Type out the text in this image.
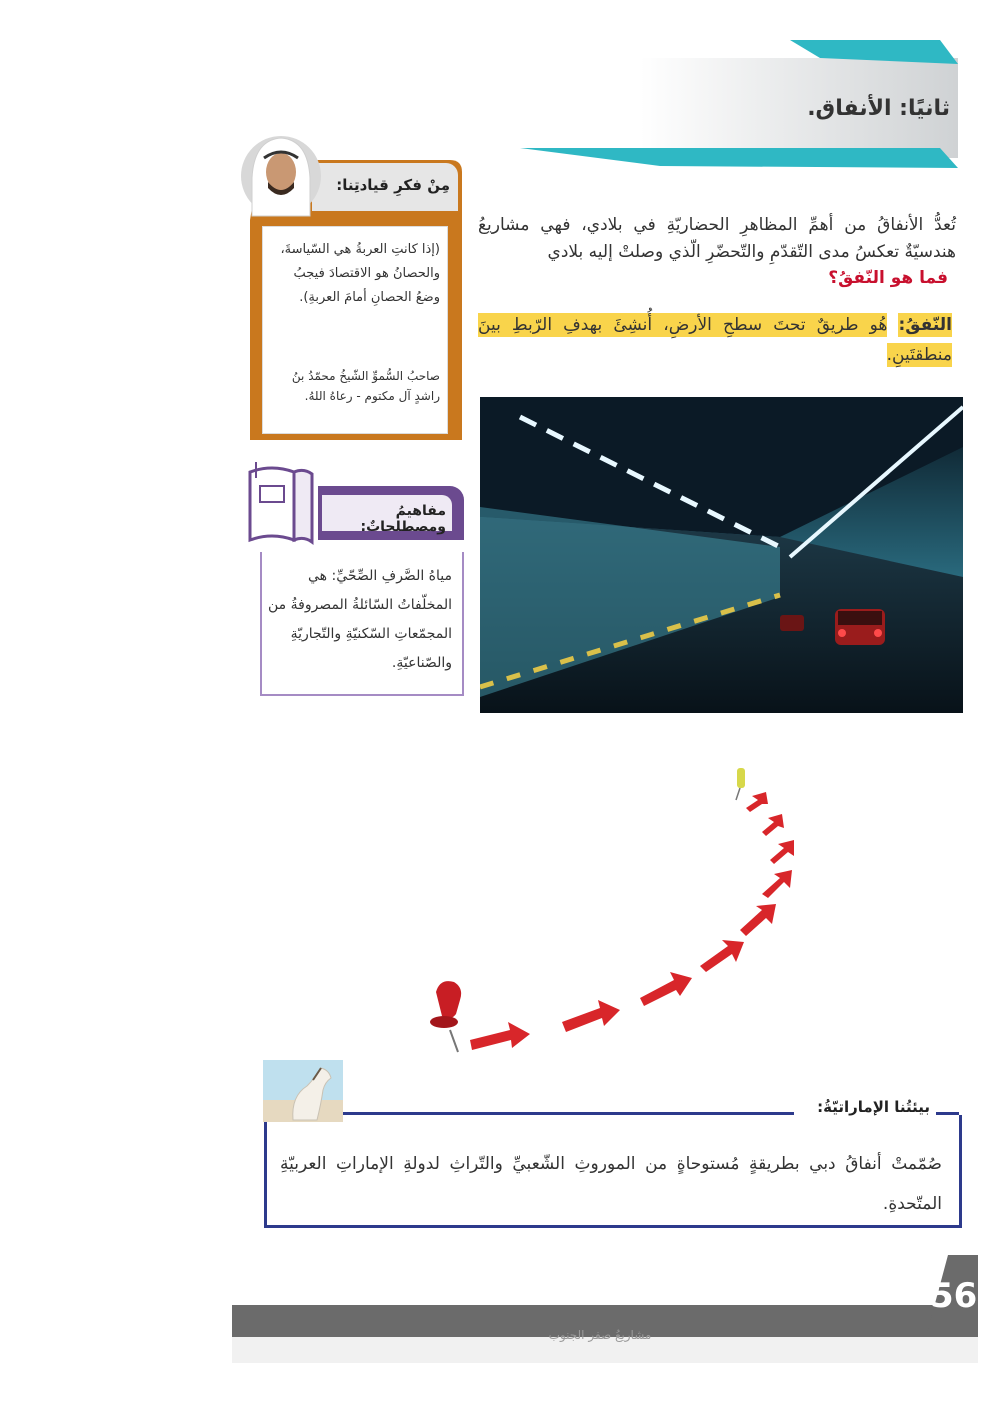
ثانيًا: الأنفاق.
تُعدُّ الأنفاقُ من أهمِّ المظاهرِ الحضاريّةِ في بلادي، فهي مشاريعُ هندسيّةٌ تعكسُ مدى التّقدّمِ والتّحضّرِ الّذي وصلتْ إليه بلادي
فما هو النّفقُ؟
النّفقُ: هُو طريقٌ تحتَ سطحِ الأرضِ، أُنشِئَ بهدفِ الرّبطِ بينَ منطقتَينِ.
مِنْ فكرِ قيادتِنا:
(إذا كانتِ العربةُ هي السّياسةَ، والحصانُ هو الاقتصادَ فيجبُ وضعُ الحصانِ أمامَ العربةِ).
صاحبُ السُّموِّ الشّيخُ محمّدُ بنُ راشدٍ آل مكتوم - رعاهُ اللهُ.
مفاهيمُ ومصطلحاتٌ:
مياهُ الصَّرفِ الصِّحّيِّ: هي المخلّفاتُ السّائلةُ المصروفةُ من المجمّعاتِ السّكنيّةِ والتّجاريّةِ والصّناعيّةِ.
بيئتُنا الإماراتيّةُ:
صُمّمتْ أنفاقُ دبي بطريقةٍ مُستوحاةٍ من الموروثِ الشّعبيِّ والتّراثِ لدولةِ الإماراتِ العربيّةِ المتّحدةِ.
56
مشاريعُ صفر الجنوب
